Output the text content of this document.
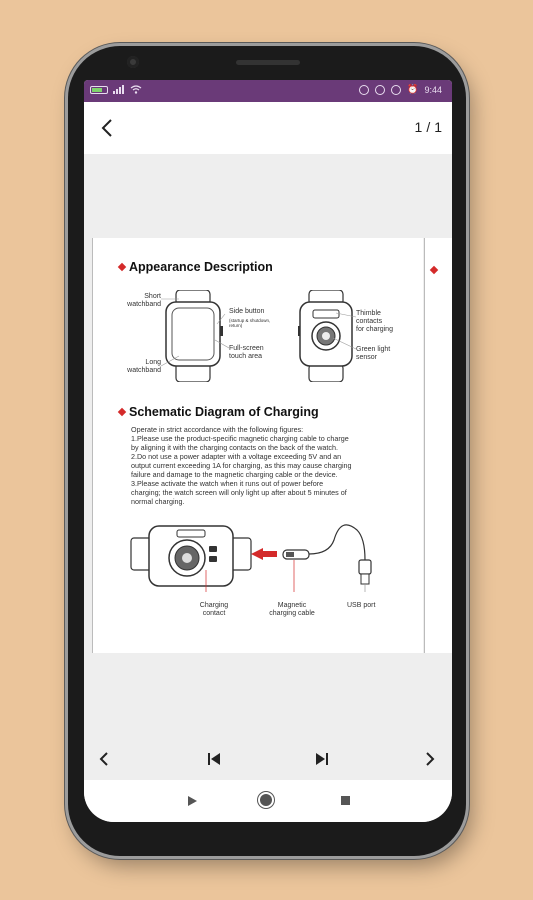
⏰ 9:44
1 / 1
Appearance Description
Short
watchband
Side button
(startup & shutdown,
return)
Full-screen
touch area
Long
watchband
Thimble
contacts
for charging
Green light
sensor
Schematic Diagram of Charging
Operate in strict accordance with the following figures:
1.Please use the product-specific magnetic charging cable to charge
by aligning it with the charging contacts on the back of the watch.
2.Do not use a power adapter with a voltage exceeding 5V and an
output current exceeding 1A for charging, as this may cause charging
failure and damage to the magnetic charging cable or the device.
3.Please activate the watch when it runs out of power before
charging; the watch screen will only light up after about 5 minutes of
normal charging.
Charging
contact
Magnetic
charging cable
USB port
